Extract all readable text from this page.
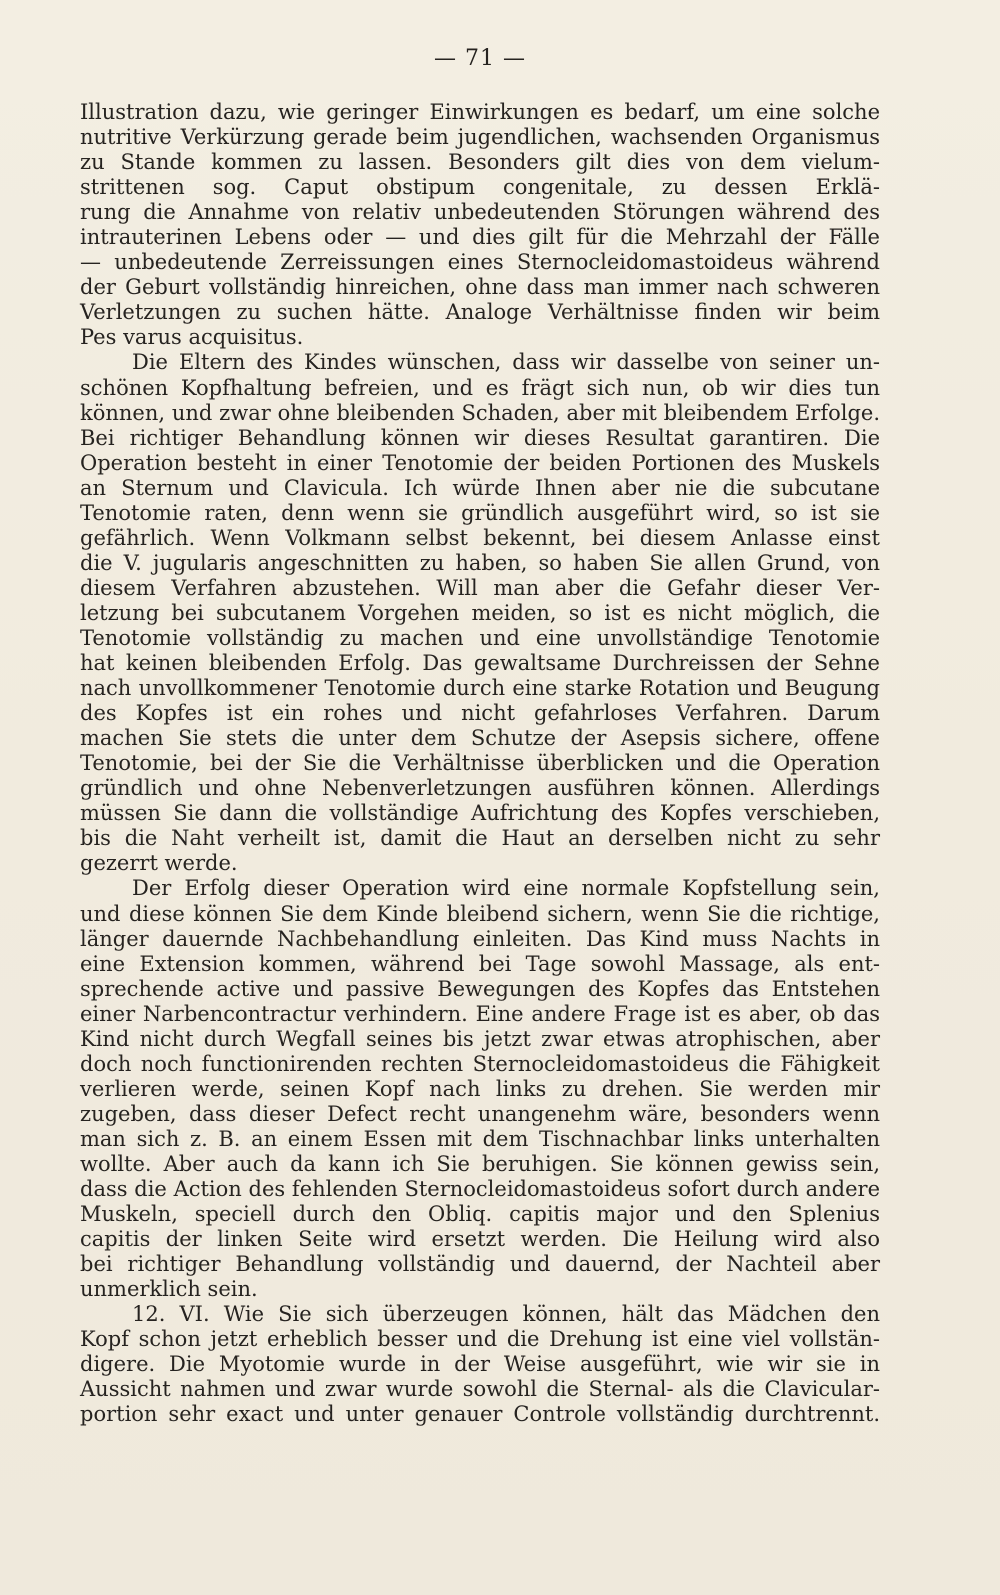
— 71 —
Illustration dazu, wie geringer Einwirkungen es bedarf, um eine solche
nutritive Verkürzung gerade beim jugendlichen, wachsenden Organismus
zu Stande kommen zu lassen. Besonders gilt dies von dem vielum-
strittenen sog. Caput obstipum congenitale, zu dessen Erklä-
rung die Annahme von relativ unbedeutenden Störungen während des
intrauterinen Lebens oder — und dies gilt für die Mehrzahl der Fälle
— unbedeutende Zerreissungen eines Sternocleidomastoideus während
der Geburt vollständig hinreichen, ohne dass man immer nach schweren
Verletzungen zu suchen hätte. Analoge Verhältnisse finden wir beim
Pes varus acquisitus.
Die Eltern des Kindes wünschen, dass wir dasselbe von seiner un-
schönen Kopfhaltung befreien, und es frägt sich nun, ob wir dies tun
können, und zwar ohne bleibenden Schaden, aber mit bleibendem Erfolge.
Bei richtiger Behandlung können wir dieses Resultat garantiren. Die
Operation besteht in einer Tenotomie der beiden Portionen des Muskels
an Sternum und Clavicula. Ich würde Ihnen aber nie die subcutane
Tenotomie raten, denn wenn sie gründlich ausgeführt wird, so ist sie
gefährlich. Wenn Volkmann selbst bekennt, bei diesem Anlasse einst
die V. jugularis angeschnitten zu haben, so haben Sie allen Grund, von
diesem Verfahren abzustehen. Will man aber die Gefahr dieser Ver-
letzung bei subcutanem Vorgehen meiden, so ist es nicht möglich, die
Tenotomie vollständig zu machen und eine unvollständige Tenotomie
hat keinen bleibenden Erfolg. Das gewaltsame Durchreissen der Sehne
nach unvollkommener Tenotomie durch eine starke Rotation und Beugung
des Kopfes ist ein rohes und nicht gefahrloses Verfahren. Darum
machen Sie stets die unter dem Schutze der Asepsis sichere, offene
Tenotomie, bei der Sie die Verhältnisse überblicken und die Operation
gründlich und ohne Nebenverletzungen ausführen können. Allerdings
müssen Sie dann die vollständige Aufrichtung des Kopfes verschieben,
bis die Naht verheilt ist, damit die Haut an derselben nicht zu sehr
gezerrt werde.
Der Erfolg dieser Operation wird eine normale Kopfstellung sein,
und diese können Sie dem Kinde bleibend sichern, wenn Sie die richtige,
länger dauernde Nachbehandlung einleiten. Das Kind muss Nachts in
eine Extension kommen, während bei Tage sowohl Massage, als ent-
sprechende active und passive Bewegungen des Kopfes das Entstehen
einer Narbencontractur verhindern. Eine andere Frage ist es aber, ob das
Kind nicht durch Wegfall seines bis jetzt zwar etwas atrophischen, aber
doch noch functionirenden rechten Sternocleidomastoideus die Fähigkeit
verlieren werde, seinen Kopf nach links zu drehen. Sie werden mir
zugeben, dass dieser Defect recht unangenehm wäre, besonders wenn
man sich z. B. an einem Essen mit dem Tischnachbar links unterhalten
wollte. Aber auch da kann ich Sie beruhigen. Sie können gewiss sein,
dass die Action des fehlenden Sternocleidomastoideus sofort durch andere
Muskeln, speciell durch den Obliq. capitis major und den Splenius
capitis der linken Seite wird ersetzt werden. Die Heilung wird also
bei richtiger Behandlung vollständig und dauernd, der Nachteil aber
unmerklich sein.
12. VI. Wie Sie sich überzeugen können, hält das Mädchen den
Kopf schon jetzt erheblich besser und die Drehung ist eine viel vollstän-
digere. Die Myotomie wurde in der Weise ausgeführt, wie wir sie in
Aussicht nahmen und zwar wurde sowohl die Sternal- als die Clavicular-
portion sehr exact und unter genauer Controle vollständig durchtrennt.
